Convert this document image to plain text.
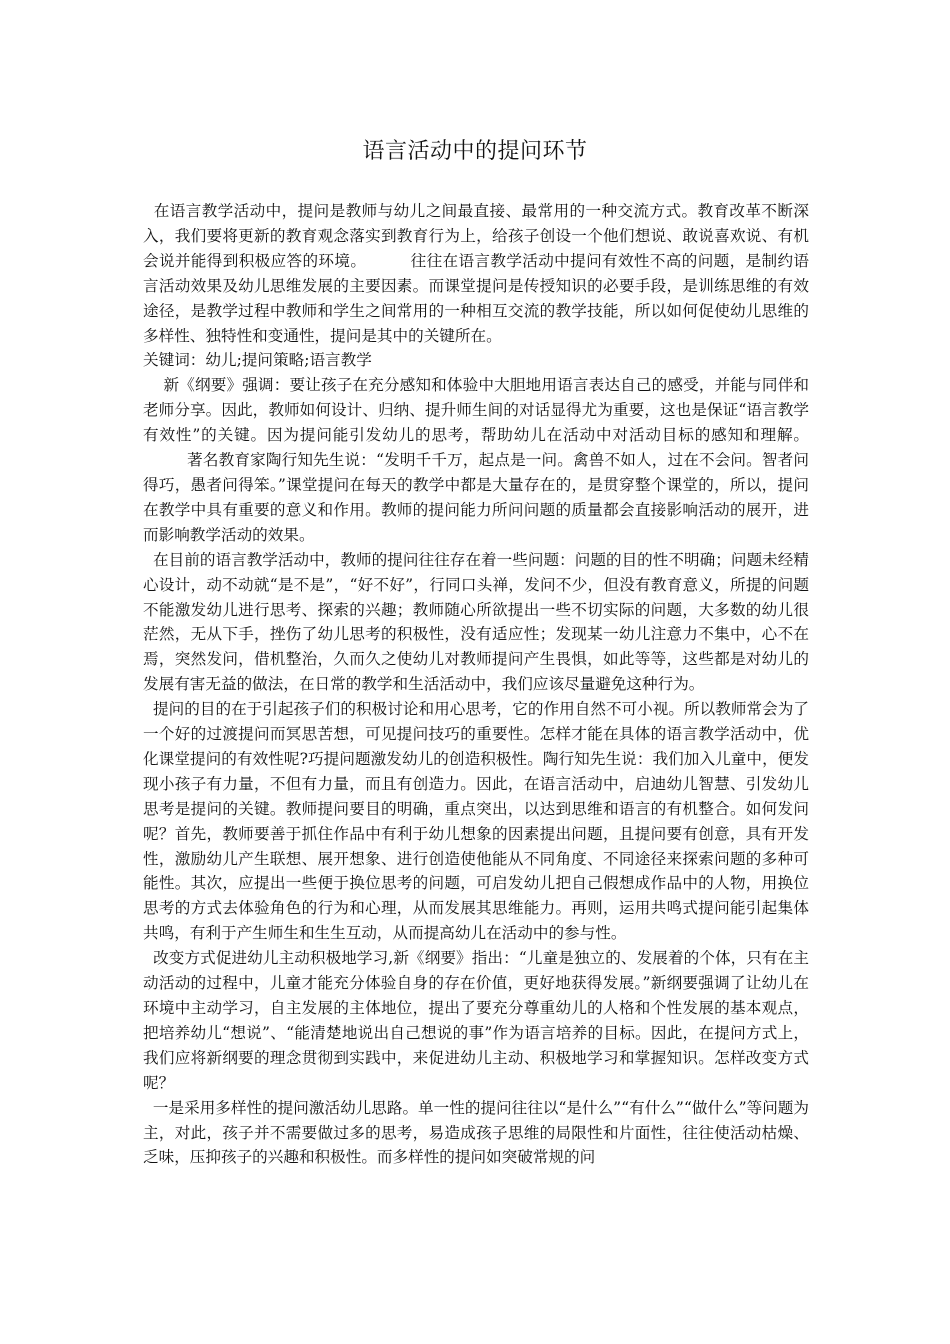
语言活动中的提问环节

在语言教学活动中，提问是教师与幼儿之间最直接、最常用的一种交流方式。教育改革不断深入，我们要将更新的教育观念落实到教育行为上，给孩子创设一个他们想说、敢说喜欢说、有机会说并能得到积极应答的环境。	往往在语言教学活动中提问有效性不高的问题，是制约语言活动效果及幼儿思维发展的主要因素。而课堂提问是传授知识的必要手段，是训练思维的有效途径，是教学过程中教师和学生之间常用的一种相互交流的教学技能，所以如何促使幼儿思维的多样性、独特性和变通性，提问是其中的关键所在。

关键词：幼儿;提问策略;语言教学

新《纲要》强调：要让孩子在充分感知和体验中大胆地用语言表达自己的感受，并能与同伴和老师分享。因此，教师如何设计、归纳、提升师生间的对话显得尤为重要，这也是保证“语言教学有效性”的关键。因为提问能引发幼儿的思考，帮助幼儿在活动中对活动目标的感知和理解。著名教育家陶行知先生说：“发明千千万，起点是一问。禽兽不如人，过在不会问。智者问得巧，愚者问得笨。”课堂提问在每天的教学中都是大量存在的，是贯穿整个课堂的，所以，提问在教学中具有重要的意义和作用。教师的提问能力所问问题的质量都会直接影响活动的展开，进而影响教学活动的效果。

在目前的语言教学活动中，教师的提问往往存在着一些问题：问题的目的性不明确；问题未经精心设计，动不动就“是不是”，“好不好”，行同口头禅，发问不少，但没有教育意义，所提的问题不能激发幼儿进行思考、探索的兴趣；教师随心所欲提出一些不切实际的问题，大多数的幼儿很茫然，无从下手，挫伤了幼儿思考的积极性，没有适应性；发现某一幼儿注意力不集中，心不在焉，突然发问，借机整治，久而久之使幼儿对教师提问产生畏惧，如此等等，这些都是对幼儿的发展有害无益的做法，在日常的教学和生活活动中，我们应该尽量避免这种行为。

提问的目的在于引起孩子们的积极讨论和用心思考，它的作用自然不可小视。所以教师常会为了一个好的过渡提问而冥思苦想，可见提问技巧的重要性。怎样才能在具体的语言教学活动中，优化课堂提问的有效性呢?巧提问题激发幼儿的创造积极性。陶行知先生说：我们加入儿童中，便发现小孩子有力量，不但有力量，而且有创造力。因此，在语言活动中，启迪幼儿智慧、引发幼儿思考是提问的关键。教师提问要目的明确，重点突出，以达到思维和语言的有机整合。如何发问呢？首先，教师要善于抓住作品中有利于幼儿想象的因素提出问题，且提问要有创意，具有开发性，激励幼儿产生联想、展开想象、进行创造使他能从不同角度、不同途径来探索问题的多种可能性。其次，应提出一些便于换位思考的问题，可启发幼儿把自己假想成作品中的人物，用换位思考的方式去体验角色的行为和心理，从而发展其思维能力。再则，运用共鸣式提问能引起集体共鸣，有利于产生师生和生生互动，从而提高幼儿在活动中的参与性。

改变方式促进幼儿主动积极地学习,新《纲要》指出：“儿童是独立的、发展着的个体，只有在主动活动的过程中，儿童才能充分体验自身的存在价值，更好地获得发展。”新纲要强调了让幼儿在环境中主动学习，自主发展的主体地位，提出了要充分尊重幼儿的人格和个性发展的基本观点，把培养幼儿“想说”、“能清楚地说出自己想说的事”作为语言培养的目标。因此，在提问方式上，我们应将新纲要的理念贯彻到实践中，来促进幼儿主动、积极地学习和掌握知识。怎样改变方式呢？

一是采用多样性的提问激活幼儿思路。单一性的提问往往以“是什么”“有什么”“做什么”等问题为主，对此，孩子并不需要做过多的思考，易造成孩子思维的局限性和片面性，往往使活动枯燥、乏味，压抑孩子的兴趣和积极性。而多样性的提问如突破常规的问
